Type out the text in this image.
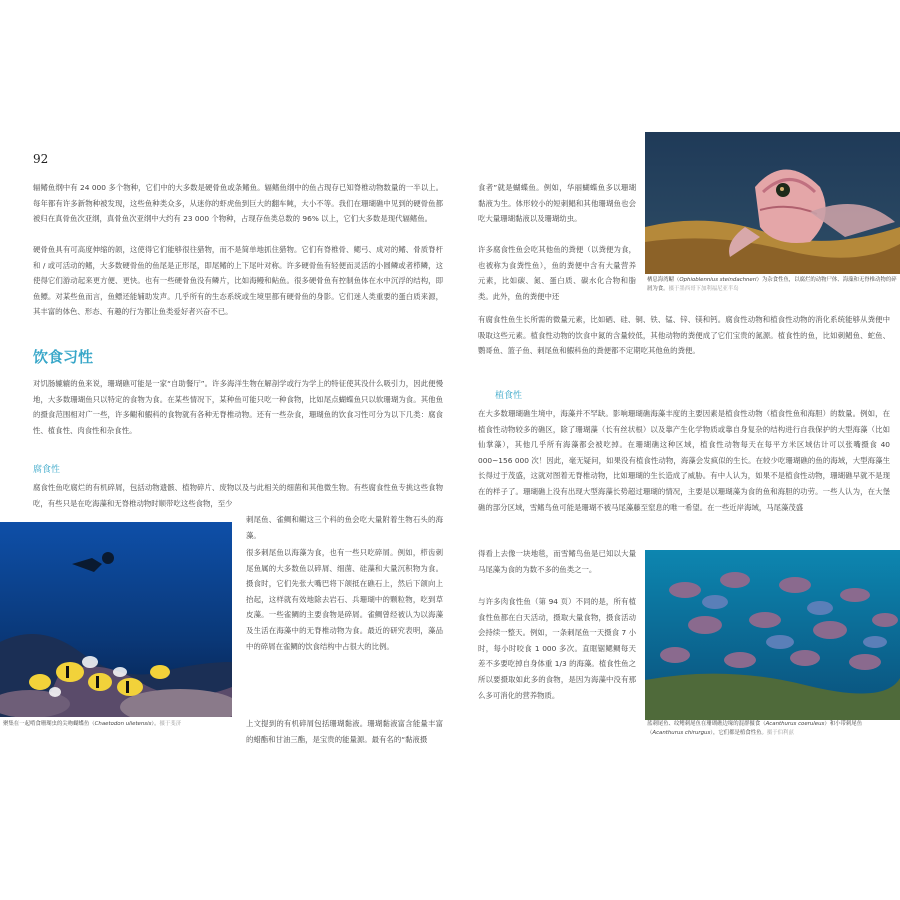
92

辐鳍鱼纲中有 24 000 多个物种，它们中的大多数是硬骨鱼或条鳍鱼。辐鳍鱼纲中的鱼占现存已知脊椎动物数量的一半以上。每年都有许多新物种被发现，这些鱼种类众多，从迷你的虾虎鱼到巨大的翻车鲀，大小不等。我们在珊瑚礁中见到的硬骨鱼都被归在真骨鱼次亚纲，真骨鱼次亚纲中大约有 23 000 个物种，占现存鱼类总数的 96% 以上，它们大多数是现代辐鳍鱼。

硬骨鱼具有可高度伸缩的颌，这使得它们能够很往猎物，而不是简单地抓住猎物。它们有脊椎骨、鳃弓、成对的鳍、骨质脊杆和 / 或可活动的鳍，大多数硬骨鱼的鱼尾是正形尾，即尾鳍的上下尾叶对称。许多硬骨鱼有轻便而灵活的小圆鳞或者栉鳞，这使得它们游动起来更方便、更快。也有一些硬骨鱼没有鳞片，比如海鳗和鲇鱼。很多硬骨鱼有控制鱼体在水中沉浮的结构，即鱼鳔。对某些鱼而言，鱼鳔还能辅助发声。几乎所有的生态系统或生境里都有硬骨鱼的身影。它们迷人类重要的蛋白质来源，其丰富的体色、形态、有趣的行为都让鱼类爱好者兴奋不已。

饮食习性

对饥肠辘辘的鱼来说，珊瑚礁可能是一家“自助餐厅”。许多海洋生物在解剖学或行为学上的特征使其没什么吸引力，因此便慢地，大多数珊瑚鱼只以特定的食物为食。在某些情况下，某种鱼可能只吃一种食物，比如尾点蝴蝶鱼只以软珊瑚为食。其他鱼的摄食范围相对广一些，许多鳚和鰕科的食物就有各种无脊椎动物。还有一些杂食，珊瑚鱼的饮食习性可分为以下几类：腐食性、植食性、肉食性和杂食性。

腐食性

腐食性鱼吃腐烂的有机碎屑，包括动物遗骸、植物碎片、废物以及与此相关的细菌和其他微生物。有些腐食性鱼专挑这些食物吃，有些只是在吃海藻和无脊椎动物时顺带吃这些食物，至少

聚集在一起啃食珊瑚虫的尖吻蝴蝶鱼（Chaetodon ulietensis）。摄于斐济

刺尾鱼、雀鲷和鳚这三个科的鱼会吃大量附着生物石头的海藻。

很多刺尾鱼以海藻为食，也有一些只吃碎屑。例如，栉齿刺尾鱼属的大多数鱼以碎屑、细菌、硅藻和大量沉积物为食。摄食时，它们先张大嘴巴将下颌抵在礁石上，然后下颌向上抬起，这样就有效地除去岩石、兵珊瑚中的颗粒物，吃到草皮藻。一些雀鲷的主要食物是碎屑。雀鲷曾经被认为以海藻及生活在海藻中的无脊椎动物为食。最近的研究表明，藻品中的碎屑在雀鲷的饮食结构中占很大的比例。

上文提到的有机碎屑包括珊瑚黏液。珊瑚黏液富含能量丰富的蜡酯和甘油三酯，是宝贵的能量源。最有名的“黏液摄

食者”就是蝴蝶鱼。例如，华丽蝴蝶鱼多以珊瑚黏液为生。体形较小的短刺鲳和其他珊瑚鱼也会吃大量珊瑚黏液以及珊瑚幼虫。

许多腐食性鱼会吃其他鱼的粪便（以粪便为食，也被称为食粪性鱼），鱼的粪便中含有大量营养元素，比如碳、氮、蛋白质、碳水化合物和脂类。此外，鱼的粪便中还

栖息海湾鳚（Ophioblennius steindachneri）为杂食性鱼，以腐烂的动物尸体、海藻和无脊椎动物的碎屑为食。摄于墨西哥下加利福尼亚半岛

有腐食性鱼生长所需的微量元素，比如硒、硅、铜、铁、锰、锌、镁和钙。腐食性动物和植食性动物的消化系统能够从粪便中吸取这些元素。植食性动物的饮食中氮的含量较低，其他动物的粪便成了它们宝贵的氮源。植食性的鱼，比如刺鲳鱼、蛇鱼、鹦哥鱼、篮子鱼、刺尾鱼和鰕科鱼的粪便都不定期吃其他鱼的粪便。

植食性

在大多数珊瑚礁生境中，海藻并不罕缺。影响珊瑚礁海藻丰度的主要因素是植食性动物（植食性鱼和海胆）的数量。例如，在植食性动物较多的礁区，除了珊瑚藻（长有丝状根）以及靠产生化学物质或靠自身复杂的结构进行自我保护的大型海藻（比如仙掌藻），其他几乎所有海藻都会被吃掉。在珊瑚礁这种区域，植食性动物每天在每平方米区域估计可以张嘴摄食 40 000~156 000 次！因此，毫无疑问，如果没有植食性动物，海藻会发疯似的生长。在较少吃珊瑚礁的鱼的海域，大型海藻生长得过于茂盛，这就对图着无脊椎动物，比如珊瑚的生长造成了威胁。有中人认为，如果不是植食性动物，珊瑚礁早就不是现在的样子了。珊瑚礁上没有出现大型海藻长势超过珊瑚的情况，主要是以珊瑚藻为食的鱼和海胆的功劳。一些人认为，在大堡礁的部分区域，雪鳍鸟鱼可能是珊瑚不被马尾藻藤至窒息的唯一希望。在一些近岸海域，马尾藻茂盛

得看上去像一块地毯，而雪鳍鸟鱼是已知以大量马尾藻为食的为数不多的鱼类之一。

与许多肉食性鱼（第 94 页）不同的是，所有植食性鱼都在白天活动，摄取大量食物，摄食活动会持续一整天。例如，一条刺尾鱼一天摄食 7 小时，每小时咬食 1 000 多次。直眶锯鳃鲷每天差不多要吃掉自身体重 1/3 的海藻。植食性鱼之所以要摄取如此多的食物，是因为海藻中没有那么多可消化的营养物质。

蓝刺尾鱼、纹鳍刺尾鱼在珊瑚礁边缘的混群摄食（Acanthurus coeruleus）和小带刺尾鱼（Acanthurus chirurgus），它们都是植食性鱼。摄于伯利兹
